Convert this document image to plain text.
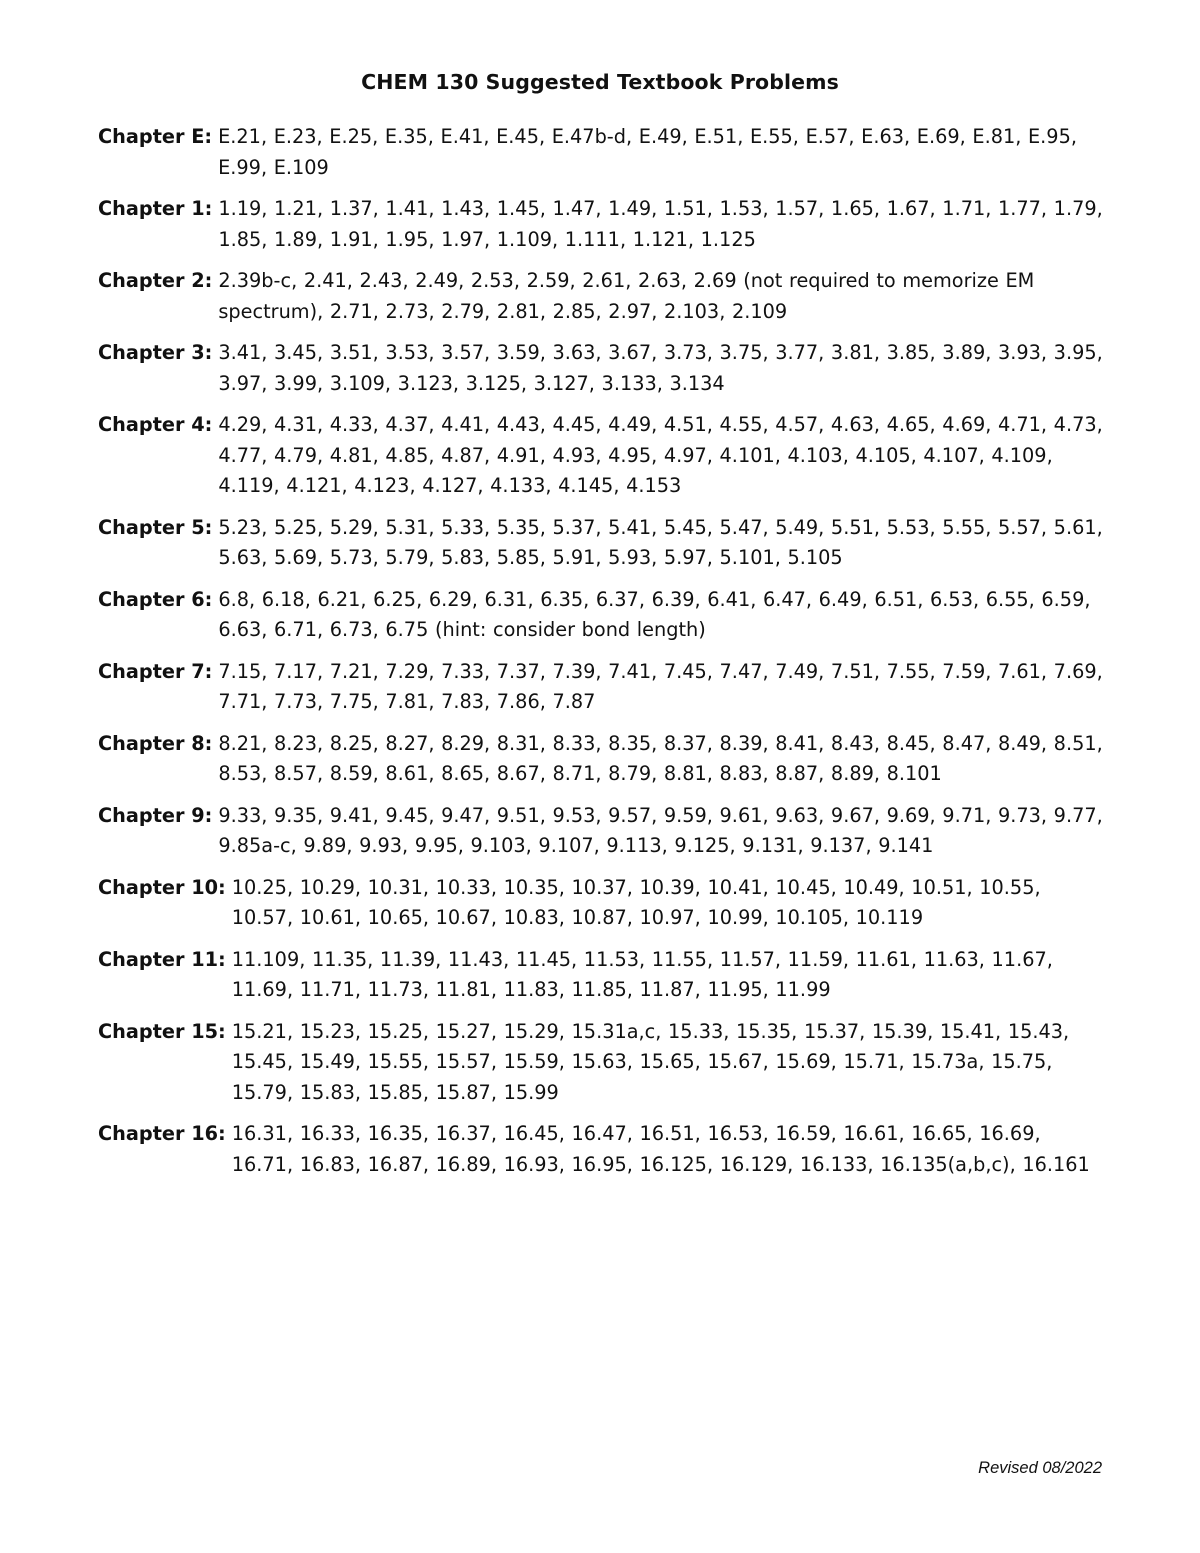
CHEM 130 Suggested Textbook Problems
Chapter E: E.21, E.23, E.25, E.35, E.41, E.45, E.47b-d, E.49, E.51, E.55, E.57, E.63, E.69, E.81, E.95, E.99, E.109
Chapter 1: 1.19, 1.21, 1.37, 1.41, 1.43, 1.45, 1.47, 1.49, 1.51, 1.53, 1.57, 1.65, 1.67, 1.71, 1.77, 1.79, 1.85, 1.89, 1.91, 1.95, 1.97, 1.109, 1.111, 1.121, 1.125
Chapter 2: 2.39b-c, 2.41, 2.43, 2.49, 2.53, 2.59, 2.61, 2.63, 2.69 (not required to memorize EM spectrum), 2.71, 2.73, 2.79, 2.81, 2.85, 2.97, 2.103, 2.109
Chapter 3: 3.41, 3.45, 3.51, 3.53, 3.57, 3.59, 3.63, 3.67, 3.73, 3.75, 3.77, 3.81, 3.85, 3.89, 3.93, 3.95, 3.97, 3.99, 3.109, 3.123, 3.125, 3.127, 3.133, 3.134
Chapter 4: 4.29, 4.31, 4.33, 4.37, 4.41, 4.43, 4.45, 4.49, 4.51, 4.55, 4.57, 4.63, 4.65, 4.69, 4.71, 4.73, 4.77, 4.79, 4.81, 4.85, 4.87, 4.91, 4.93, 4.95, 4.97, 4.101, 4.103, 4.105, 4.107, 4.109, 4.119, 4.121, 4.123, 4.127, 4.133, 4.145, 4.153
Chapter 5: 5.23, 5.25, 5.29, 5.31, 5.33, 5.35, 5.37, 5.41, 5.45, 5.47, 5.49, 5.51, 5.53, 5.55, 5.57, 5.61, 5.63, 5.69, 5.73, 5.79, 5.83, 5.85, 5.91, 5.93, 5.97, 5.101, 5.105
Chapter 6: 6.8, 6.18, 6.21, 6.25, 6.29, 6.31, 6.35, 6.37, 6.39, 6.41, 6.47, 6.49, 6.51, 6.53, 6.55, 6.59, 6.63, 6.71, 6.73, 6.75 (hint: consider bond length)
Chapter 7: 7.15, 7.17, 7.21, 7.29, 7.33, 7.37, 7.39, 7.41, 7.45, 7.47, 7.49, 7.51, 7.55, 7.59, 7.61, 7.69, 7.71, 7.73, 7.75, 7.81, 7.83, 7.86, 7.87
Chapter 8: 8.21, 8.23, 8.25, 8.27, 8.29, 8.31, 8.33, 8.35, 8.37, 8.39, 8.41, 8.43, 8.45, 8.47, 8.49, 8.51, 8.53, 8.57, 8.59, 8.61, 8.65, 8.67, 8.71, 8.79, 8.81, 8.83, 8.87, 8.89, 8.101
Chapter 9: 9.33, 9.35, 9.41, 9.45, 9.47, 9.51, 9.53, 9.57, 9.59, 9.61, 9.63, 9.67, 9.69, 9.71, 9.73, 9.77, 9.85a-c, 9.89, 9.93, 9.95, 9.103, 9.107, 9.113, 9.125, 9.131, 9.137, 9.141
Chapter 10: 10.25, 10.29, 10.31, 10.33, 10.35, 10.37, 10.39, 10.41, 10.45, 10.49, 10.51, 10.55, 10.57, 10.61, 10.65, 10.67, 10.83, 10.87, 10.97, 10.99, 10.105, 10.119
Chapter 11: 11.109, 11.35, 11.39, 11.43, 11.45, 11.53, 11.55, 11.57, 11.59, 11.61, 11.63, 11.67, 11.69, 11.71, 11.73, 11.81, 11.83, 11.85, 11.87, 11.95, 11.99
Chapter 15: 15.21, 15.23, 15.25, 15.27, 15.29, 15.31a,c, 15.33, 15.35, 15.37, 15.39, 15.41, 15.43, 15.45, 15.49, 15.55, 15.57, 15.59, 15.63, 15.65, 15.67, 15.69, 15.71, 15.73a, 15.75, 15.79, 15.83, 15.85, 15.87, 15.99
Chapter 16: 16.31, 16.33, 16.35, 16.37, 16.45, 16.47, 16.51, 16.53, 16.59, 16.61, 16.65, 16.69, 16.71, 16.83, 16.87, 16.89, 16.93, 16.95, 16.125, 16.129, 16.133, 16.135(a,b,c), 16.161
Revised 08/2022
